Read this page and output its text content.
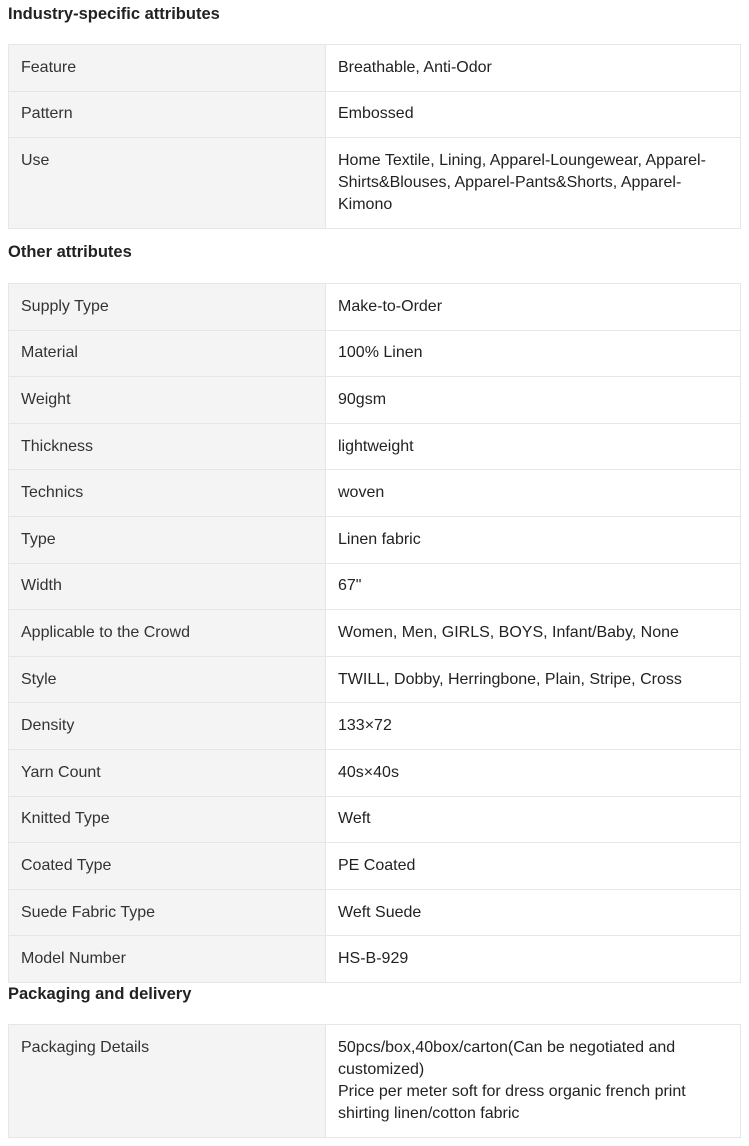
Industry-specific attributes
Feature	Breathable, Anti-Odor
Pattern	Embossed
Use	Home Textile, Lining, Apparel-Loungewear, Apparel-Shirts&Blouses, Apparel-Pants&Shorts, Apparel-Kimono
Other attributes
Supply Type	Make-to-Order
Material	100% Linen
Weight	90gsm
Thickness	lightweight
Technics	woven
Type	Linen fabric
Width	67"
Applicable to the Crowd	Women, Men, GIRLS, BOYS, Infant/Baby, None
Style	TWILL, Dobby, Herringbone, Plain, Stripe, Cross
Density	133×72
Yarn Count	40s×40s
Knitted Type	Weft
Coated Type	PE Coated
Suede Fabric Type	Weft Suede
Model Number	HS-B-929
Packaging and delivery
Packaging Details	50pcs/box,40box/carton(Can be negotiated and customized)
Price per meter soft for dress organic french print shirting linen/cotton fabric
